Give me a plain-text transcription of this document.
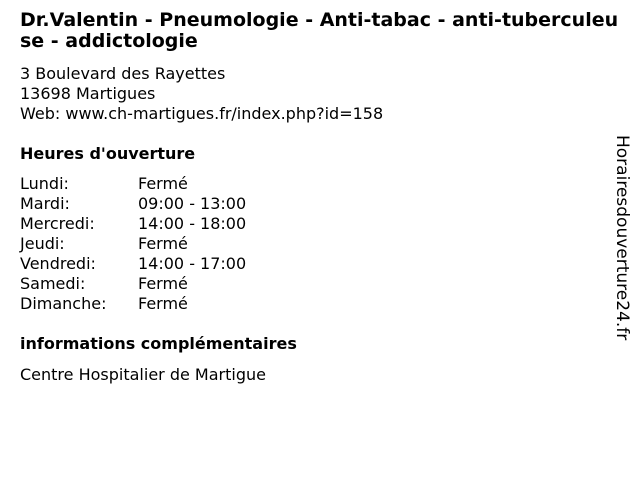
Dr.Valentin - Pneumologie - Anti-tabac - anti-tuberculeuse - addictologie
3 Boulevard des Rayettes
13698 Martigues
Web: www.ch-martigues.fr/index.php?id=158
Heures d'ouverture
Lundi:	Fermé
Mardi:	09:00 - 13:00
Mercredi:	14:00 - 18:00
Jeudi:	Fermé
Vendredi:	14:00 - 17:00
Samedi:	Fermé
Dimanche: Fermé
informations complémentaires
Centre Hospitalier de Martigue
Horairesdouverture24.fr
